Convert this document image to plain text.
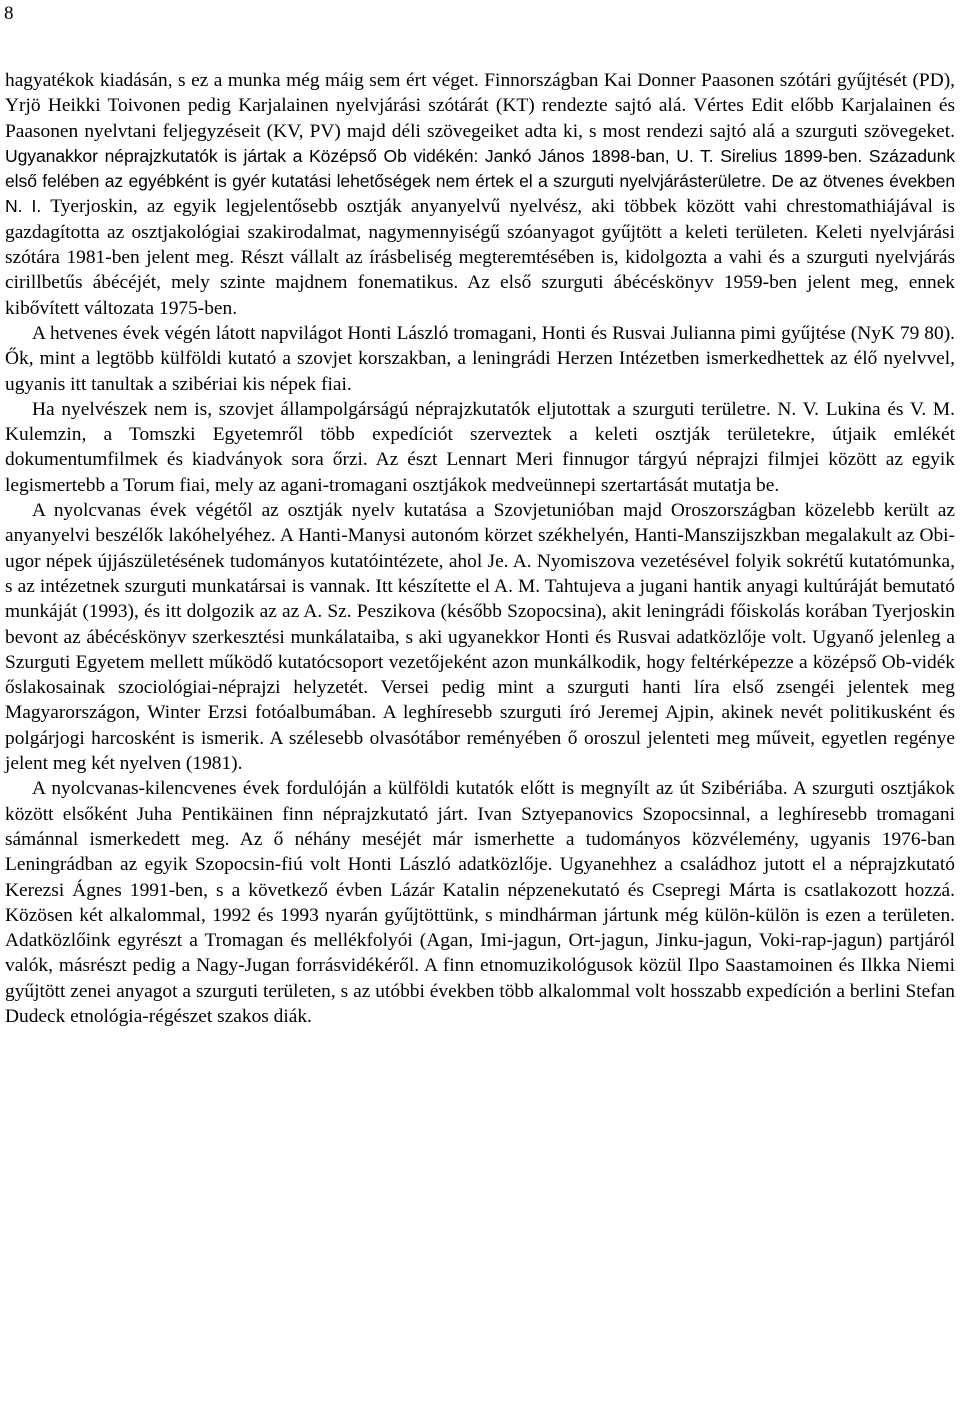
8

hagyatékok kiadásán, s ez a munka még máig sem ért véget. Finnországban Kai Donner Paasonen szótári gyűjtését (PD), Yrjö Heikki Toivonen pedig Karjalainen nyelvjárási szótárát (KT) rendezte sajtó alá. Vértes Edit előbb Karjalainen és Paasonen nyelvtani feljegyzéseit (KV, PV) majd déli szövegeiket adta ki, s most rendezi sajtó alá a szurguti szövegeket. Ugyanakkor néprajzkutatók is jártak a Középső Ob vidékén: Jankó János 1898-ban, U. T. Sirelius 1899-ben. Századunk első felében az egyébként is gyér kutatási lehetőségek nem értek el a szurguti nyelvjárásterületre. De az ötvenes években N. I. Tyerjoskin, az egyik legjelentősebb osztják anyanyelvű nyelvész, aki többek között vahi chrestomathiájával is gazdagította az osztjakológiai szakirodalmat, nagymennyiségű szóanyagot gyűjtött a keleti területen. Keleti nyelvjárási szótára 1981-ben jelent meg. Részt vállalt az írásbeliség megteremtésében is, kidolgozta a vahi és a szurguti nyelvjárás cirillbetűs ábécéjét, mely szinte majdnem fonematikus. Az első szurguti ábécéskönyv 1959-ben jelent meg, ennek kibővített változata 1975-ben.

A hetvenes évek végén látott napvilágot Honti László tromagani, Honti és Rusvai Julianna pimi gyűjtése (NyK 79 80). Ők, mint a legtöbb külföldi kutató a szovjet korszakban, a leningrádi Herzen Intézetben ismerkedhettek az élő nyelvvel, ugyanis itt tanultak a szibériai kis népek fiai.

Ha nyelvészek nem is, szovjet állampolgárságú néprajzkutatók eljutottak a szurguti területre. N. V. Lukina és V. M. Kulemzin, a Tomszki Egyetemről több expedíciót szerveztek a keleti osztják területekre, útjaik emlékét dokumentumfilmek és kiadványok sora őrzi. Az észt Lennart Meri finnugor tárgyú néprajzi filmjei között az egyik legismertebb a Torum fiai, mely az agani-tromagani osztjákok medveünnepi szertartását mutatja be.

A nyolcvanas évek végétől az osztják nyelv kutatása a Szovjetunióban majd Oroszországban közelebb került az anyanyelvi beszélők lakóhelyéhez. A Hanti-Manysi autonóm körzet székhelyén, Hanti-Manszijszkban megalakult az Obi-ugor népek újjászületésének tudományos kutatóintézete, ahol Je. A. Nyomiszova vezetésével folyik sokrétű kutatómunka, s az intézetnek szurguti munkatársai is vannak. Itt készítette el A. M. Tahtujeva a jugani hantik anyagi kultúráját bemutató munkáját (1993), és itt dolgozik az az A. Sz. Peszikova (később Szopocsina), akit leningrádi főiskolás korában Tyerjoskin bevont az ábécéskönyv szerkesztési munkálataiba, s aki ugyanekkor Honti és Rusvai adatközlője volt. Ugyanő jelenleg a Szurguti Egyetem mellett működő kutatócsoport vezetőjeként azon munkálkodik, hogy feltérképezze a középső Ob-vidék őslakosainak szociológiai-néprajzi helyzetét. Versei pedig mint a szurguti hanti líra első zsengéi jelentek meg Magyarországon, Winter Erzsi fotóalbumában. A leghíresebb szurguti író Jeremej Ajpin, akinek nevét politikusként és polgárjogi harcosként is ismerik. A szélesebb olvasótábor reményében ő oroszul jelenteti meg műveit, egyetlen regénye jelent meg két nyelven (1981).

A nyolcvanas-kilencvenes évek fordulóján a külföldi kutatók előtt is megnyílt az út Szibériába. A szurguti osztjákok között elsőként Juha Pentikäinen finn néprajzkutató járt. Ivan Sztyepanovics Szopocsinnal, a leghíresebb tromagani sámánnal ismerkedett meg. Az ő néhány meséjét már ismerhette a tudományos közvélemény, ugyanis 1976-ban Leningrádban az egyik Szopocsin-fiú volt Honti László adatközlője. Ugyanehhez a családhoz jutott el a néprajzkutató Kerezsi Ágnes 1991-ben, s a következő évben Lázár Katalin népzenekutató és Csepregi Márta is csatlakozott hozzá. Közösen két alkalommal, 1992 és 1993 nyarán gyűjtöttünk, s mindhárman jártunk még külön-külön is ezen a területen. Adatközlőink egyrészt a Tromagan és mellékfolyói (Agan, Imi-jagun, Ort-jagun, Jinku-jagun, Voki-rap-jagun) partjáról valók, másrészt pedig a Nagy-Jugan forrásvidékéről. A finn etnomuzikológusok közül Ilpo Saastamoinen és Ilkka Niemi gyűjtött zenei anyagot a szurguti területen, s az utóbbi években több alkalommal volt hosszabb expedíción a berlini Stefan Dudeck etnológia-régészet szakos diák.
